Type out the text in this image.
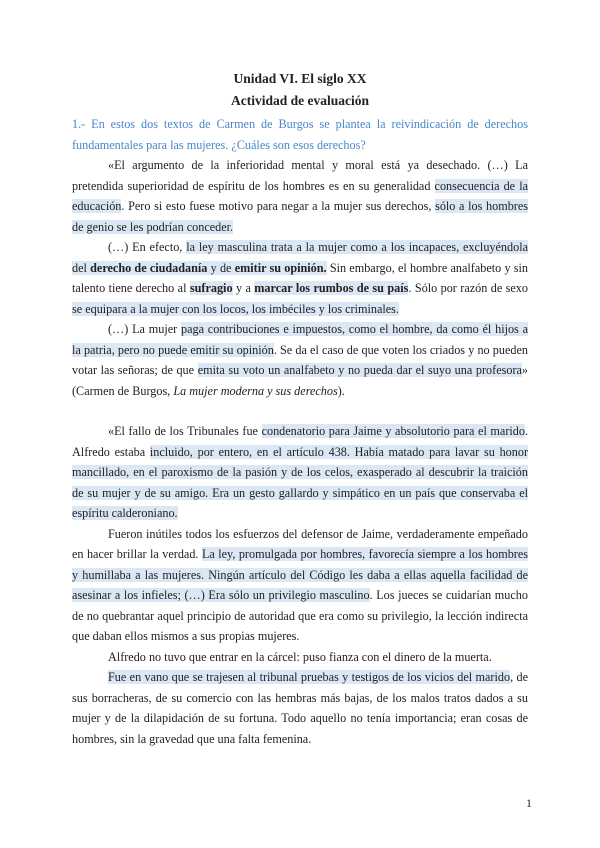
Unidad VI. El siglo XX
Actividad de evaluación

1.- En estos dos textos de Carmen de Burgos se plantea la reivindicación de derechos fundamentales para las mujeres. ¿Cuáles son esos derechos?

«El argumento de la inferioridad mental y moral está ya desechado. (…) La pretendida superioridad de espíritu de los hombres es en su generalidad consecuencia de la educación. Pero si esto fuese motivo para negar a la mujer sus derechos, sólo a los hombres de genio se les podrían conceder.

(…) En efecto, la ley masculina trata a la mujer como a los incapaces, excluyéndola del derecho de ciudadanía y de emitir su opinión. Sin embargo, el hombre analfabeto y sin talento tiene derecho al sufragio y a marcar los rumbos de su país. Sólo por razón de sexo se equipara a la mujer con los locos, los imbéciles y los criminales.

(…) La mujer paga contribuciones e impuestos, como el hombre, da como él hijos a la patria, pero no puede emitir su opinión. Se da el caso de que voten los criados y no pueden votar las señoras; de que emita su voto un analfabeto y no pueda dar el suyo una profesora» (Carmen de Burgos, La mujer moderna y sus derechos).

«El fallo de los Tribunales fue condenatorio para Jaime y absolutorio para el marido. Alfredo estaba incluido, por entero, en el artículo 438. Había matado para lavar su honor mancillado, en el paroxismo de la pasión y de los celos, exasperado al descubrir la traición de su mujer y de su amigo. Era un gesto gallardo y simpático en un país que conservaba el espíritu calderoniano.

Fueron inútiles todos los esfuerzos del defensor de Jaime, verdaderamente empeñado en hacer brillar la verdad. La ley, promulgada por hombres, favorecía siempre a los hombres y humillaba a las mujeres. Ningún artículo del Código les daba a ellas aquella facilidad de asesinar a los infieles; (…) Era sólo un privilegio masculino. Los jueces se cuidarían mucho de no quebrantar aquel principio de autoridad que era como su privilegio, la lección indirecta que daban ellos mismos a sus propias mujeres.

Alfredo no tuvo que entrar en la cárcel: puso fianza con el dinero de la muerta.

Fue en vano que se trajesen al tribunal pruebas y testigos de los vicios del marido, de sus borracheras, de su comercio con las hembras más bajas, de los malos tratos dados a su mujer y de la dilapidación de su fortuna. Todo aquello no tenía importancia; eran cosas de hombres, sin la gravedad que una falta femenina.

1
